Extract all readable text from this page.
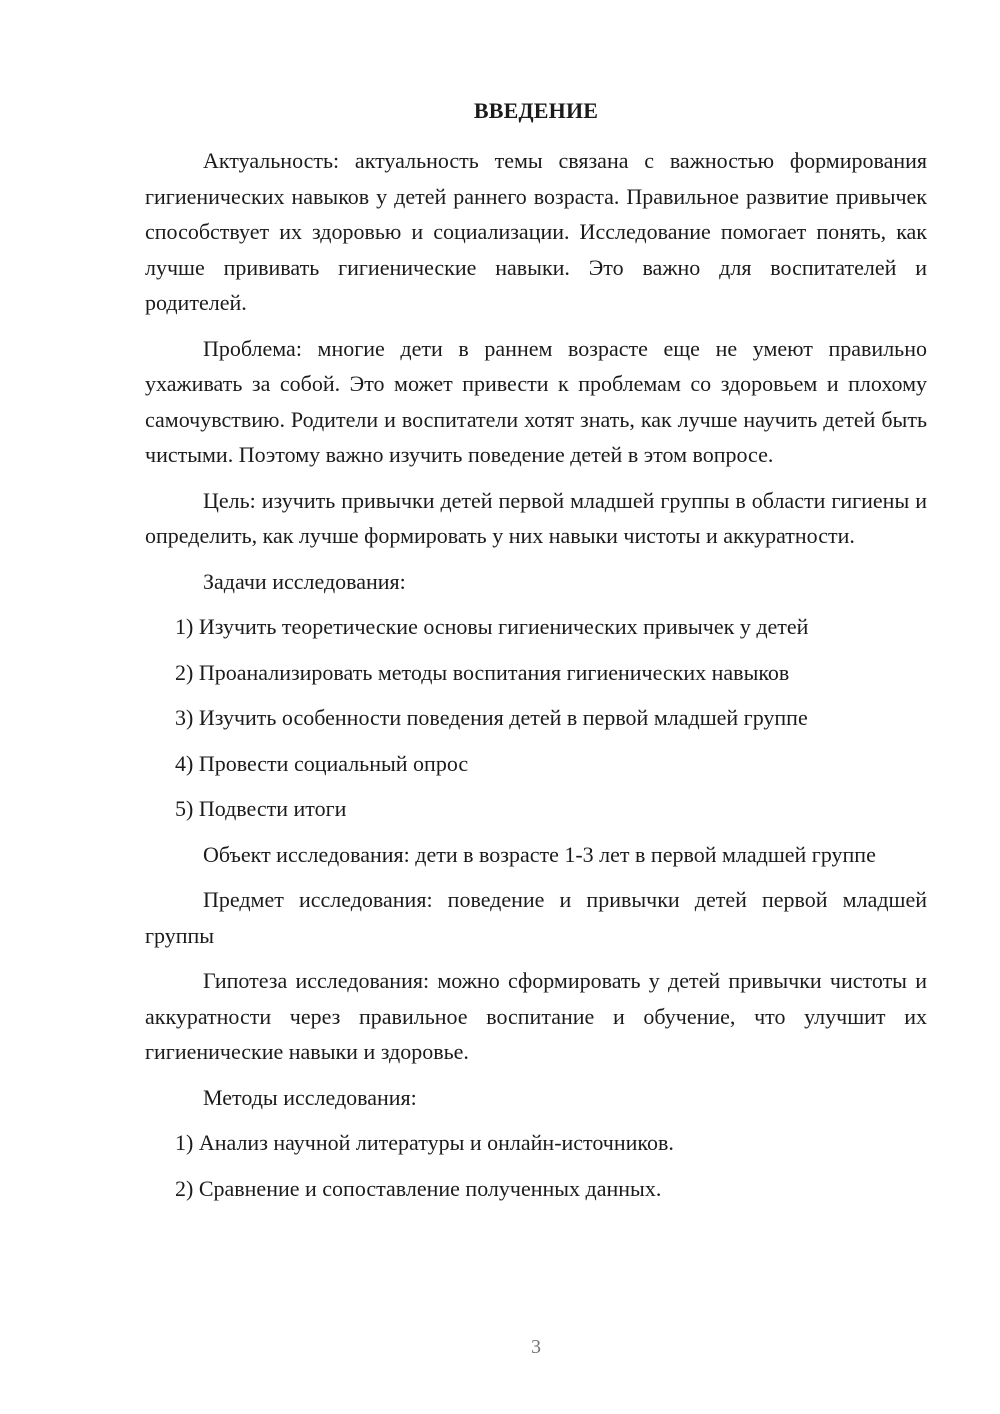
ВВЕДЕНИЕ

Актуальность: актуальность темы связана с важностью формирования гигиенических навыков у детей раннего возраста. Правильное развитие привычек способствует их здоровью и социализации. Исследование помогает понять, как лучше прививать гигиенические навыки. Это важно для воспитателей и родителей.

Проблема: многие дети в раннем возрасте еще не умеют правильно ухаживать за собой. Это может привести к проблемам со здоровьем и плохому самочувствию. Родители и воспитатели хотят знать, как лучше научить детей быть чистыми. Поэтому важно изучить поведение детей в этом вопросе.

Цель: изучить привычки детей первой младшей группы в области гигиены и определить, как лучше формировать у них навыки чистоты и аккуратности.

Задачи исследования:

1) Изучить теоретические основы гигиенических привычек у детей

2) Проанализировать методы воспитания гигиенических навыков

3) Изучить особенности поведения детей в первой младшей группе

4) Провести социальный опрос

5) Подвести итоги

Объект исследования: дети в возрасте 1-3 лет в первой младшей группе

Предмет исследования: поведение и привычки детей первой младшей группы

Гипотеза исследования: можно сформировать у детей привычки чистоты и аккуратности через правильное воспитание и обучение, что улучшит их гигиенические навыки и здоровье.

Методы исследования:

1) Анализ научной литературы и онлайн-источников.

2) Сравнение и сопоставление полученных данных.

3
